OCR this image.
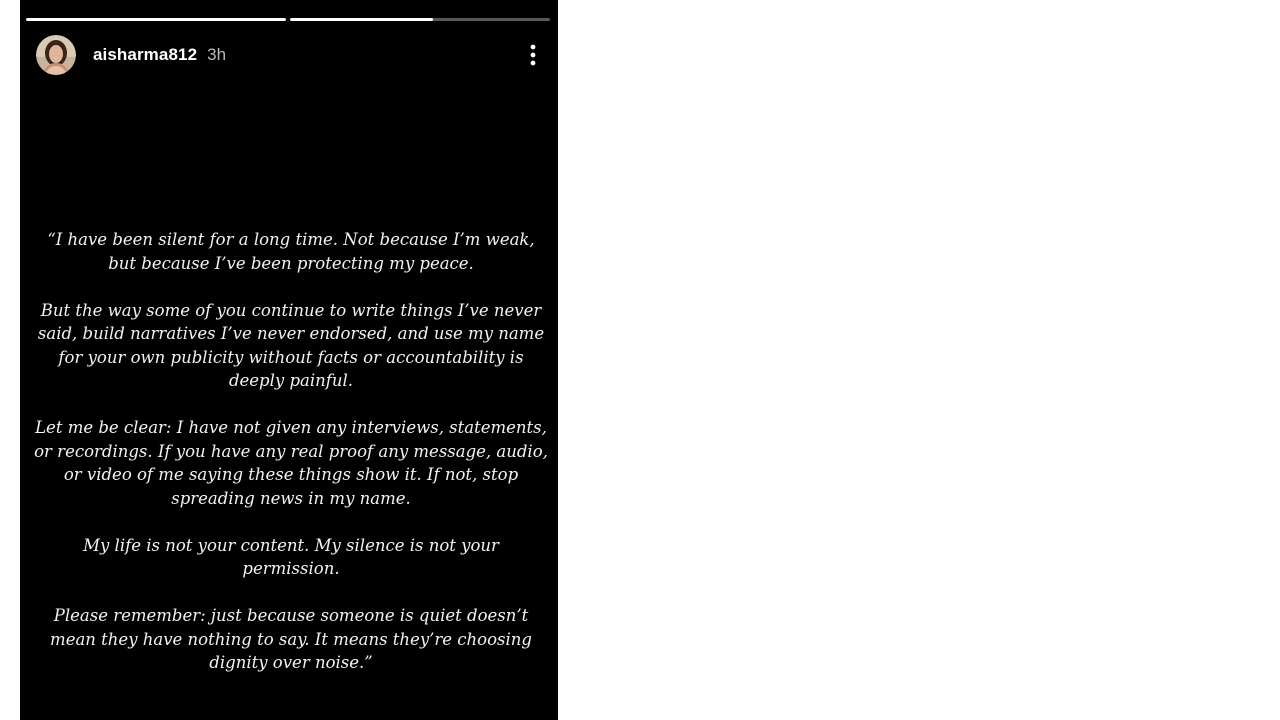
aisharma812 3h

“I have been silent for a long time. Not because I’m weak, but because I’ve been protecting my peace.

But the way some of you continue to write things I’ve never said, build narratives I’ve never endorsed, and use my name for your own publicity without facts or accountability is deeply painful.

Let me be clear: I have not given any interviews, statements, or recordings. If you have any real proof any message, audio, or video of me saying these things show it. If not, stop spreading news in my name.

My life is not your content. My silence is not your permission.

Please remember: just because someone is quiet doesn’t mean they have nothing to say. It means they’re choosing dignity over noise.”
